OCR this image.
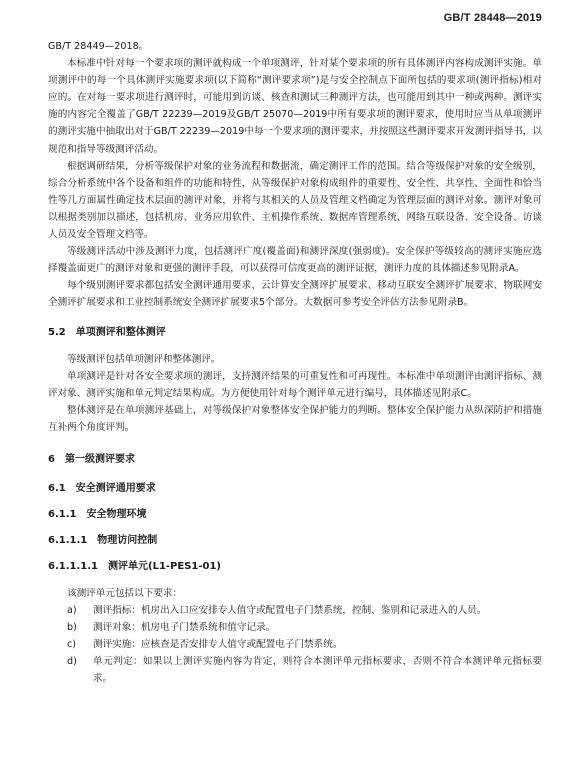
GB/T 28448—2019

GB/T 28449—2018。

本标准中针对每一个要求项的测评就构成一个单项测评，针对某个要求项的所有具体测评内容构成测评实施。单项测评中的每一个具体测评实施要求项(以下简称“测评要求项”)是与安全控制点下面所包括的要求项(测评指标)相对应的。在对每一要求项进行测评时，可能用到访谈、核查和测试三种测评方法，也可能用到其中一种或两种。测评实施的内容完全覆盖了GB/T 22239—2019及GB/T 25070—2019中所有要求项的测评要求，使用时应当从单项测评的测评实施中抽取出对于GB/T 22239—2019中每一个要求项的测评要求，并按照这些测评要求开发测评指导书，以规范和指导等级测评活动。

根据调研结果，分析等级保护对象的业务流程和数据流，确定测评工作的范围。结合等级保护对象的安全级别，综合分析系统中各个设备和组件的功能和特性，从等级保护对象构成组件的重要性、安全性、共享性、全面性和恰当性等几方面属性确定技术层面的测评对象，并将与其相关的人员及管理文档确定为管理层面的测评对象。测评对象可以根据类别加以描述，包括机房、业务应用软件、主机操作系统、数据库管理系统、网络互联设备、安全设备、访谈人员及安全管理文档等。

等级测评活动中涉及测评力度，包括测评广度(覆盖面)和测评深度(强弱度)。安全保护等级较高的测评实施应选择覆盖面更广的测评对象和更强的测评手段，可以获得可信度更高的测评证据，测评力度的具体描述参见附录A。

每个级别测评要求都包括安全测评通用要求、云计算安全测评扩展要求、移动互联安全测评扩展要求、物联网安全测评扩展要求和工业控制系统安全测评扩展要求5个部分。大数据可参考安全评估方法参见附录B。

5.2 单项测评和整体测评

等级测评包括单项测评和整体测评。

单项测评是针对各安全要求项的测评，支持测评结果的可重复性和可再现性。本标准中单项测评由测评指标、测评对象、测评实施和单元判定结果构成。为方便使用针对每个测评单元进行编号，具体描述见附录C。

整体测评是在单项测评基础上，对等级保护对象整体安全保护能力的判断。整体安全保护能力从纵深防护和措施互补两个角度评判。

6 第一级测评要求
6.1 安全测评通用要求
6.1.1 安全物理环境
6.1.1.1 物理访问控制
6.1.1.1.1 测评单元(L1-PES1-01)

该测评单元包括以下要求：

a)	测评指标：机房出入口应安排专人值守或配置电子门禁系统，控制、鉴别和记录进入的人员。
b)	测评对象：机房电子门禁系统和值守记录。
c)	测评实施：应核查是否安排专人值守或配置电子门禁系统。
d)	单元判定：如果以上测评实施内容为肯定，则符合本测评单元指标要求，否则不符合本测评单元指标要求。
